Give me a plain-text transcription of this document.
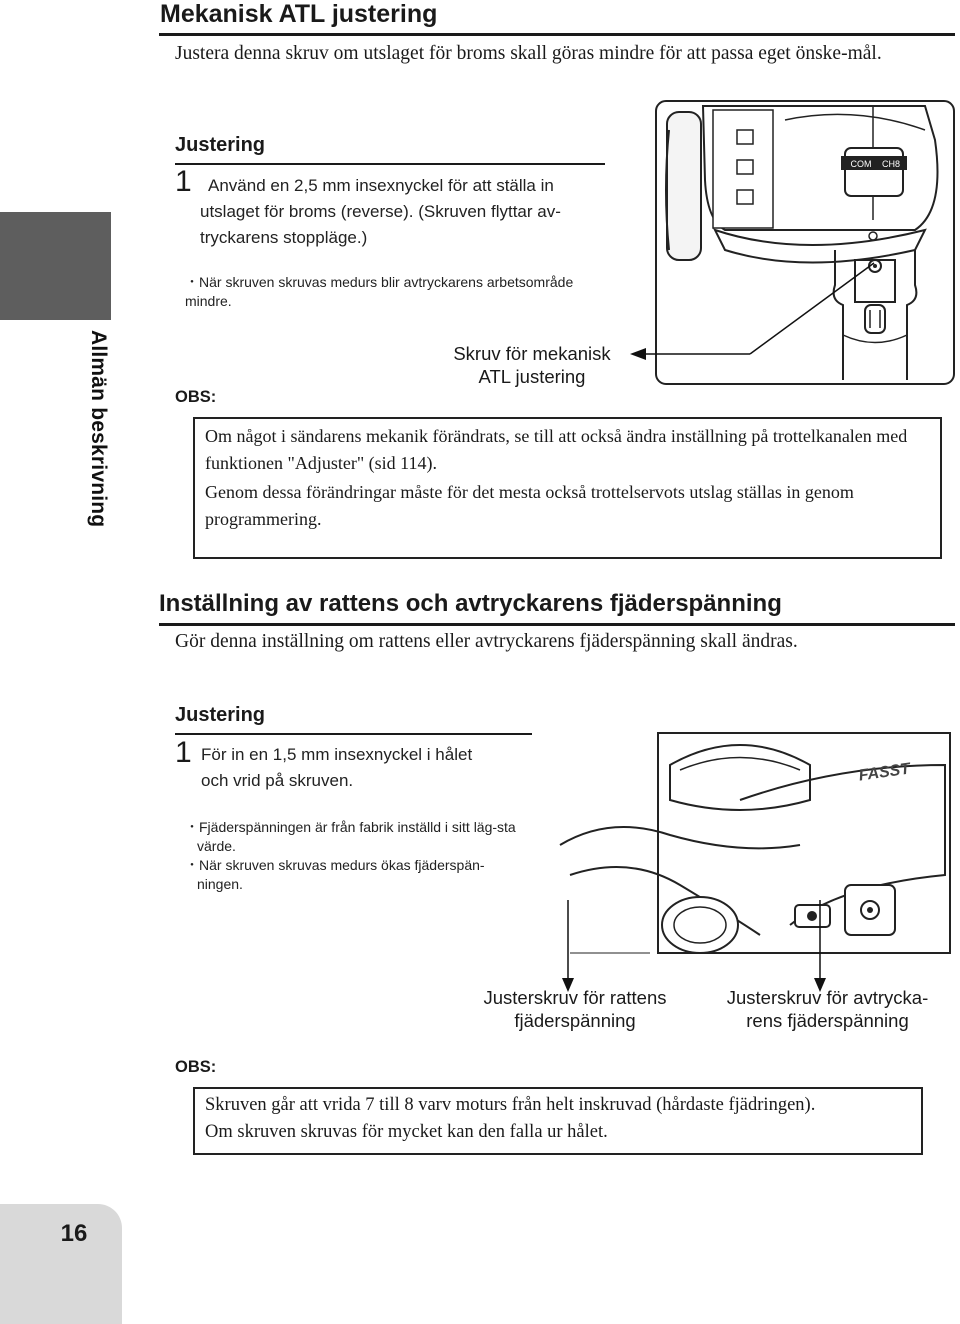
Allmän beskrivning
Mekanisk ATL justering
Justera denna skruv om utslaget för broms skall göras mindre för att passa eget önske-mål.
Justering
1 Använd en 2,5 mm insexnyckel för att ställa in
utslaget för broms (reverse). (Skruven flyttar av-
tryckarens stoppläge.)
・När skruven skruvas medurs blir avtryckarens arbetsområde mindre.
COM CH8
Skruv för mekanisk
ATL justering
OBS:
Om något i sändarens mekanik förändrats, se till att också ändra inställning på trottelkanalen med funktionen "Adjuster" (sid 114).
Genom dessa förändringar måste för det mesta också trottelservots utslag ställas in genom programmering.
Inställning av rattens och avtryckarens fjäderspänning
Gör denna inställning om rattens eller avtryckarens fjäderspänning skall ändras.
Justering
1 För in en 1,5 mm insexnyckel i hålet
och vrid på skruven.
・Fjäderspänningen är från fabrik inställd i sitt läg-sta värde.
・När skruven skruvas medurs ökas fjäderspän-ningen.
FASST
Justerskruv för rattens
fjäderspänning
Justerskruv för avtrycka-
rens fjäderspänning
OBS:
Skruven går att vrida 7 till 8 varv moturs från helt inskruvad (hårdaste fjädringen).
Om skruven skruvas för mycket kan den falla ur hålet.
16
